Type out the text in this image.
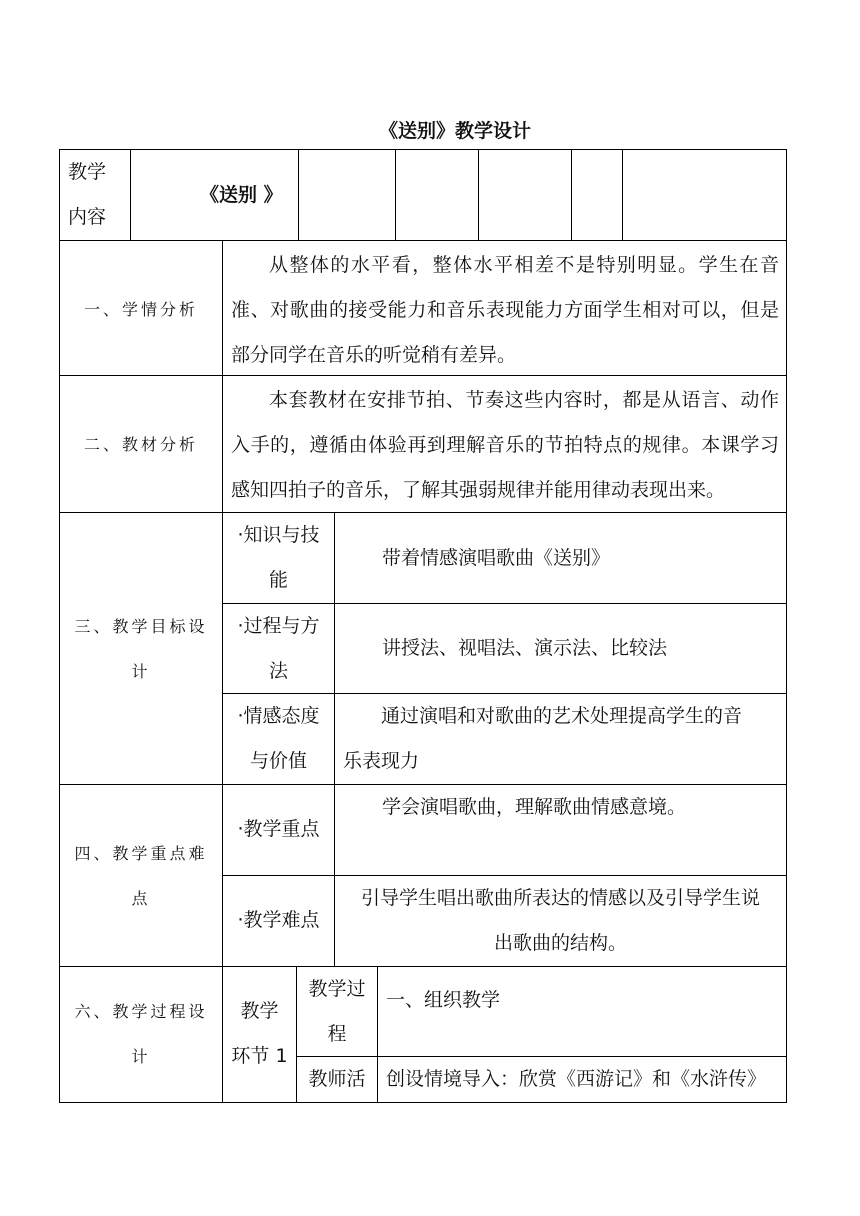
《送别》教学设计
教学
内容
《送别 》
一、学情分析
从整体的水平看，整体水平相差不是特别明显。学生在音准、对歌曲的接受能力和音乐表现能力方面学生相对可以，但是部分同学在音乐的听觉稍有差异。
二、教材分析
本套教材在安排节拍、节奏这些内容时，都是从语言、动作入手的，遵循由体验再到理解音乐的节拍特点的规律。本课学习感知四拍子的音乐，了解其强弱规律并能用律动表现出来。
三、教学目标设
计
·知识与技
能
带着情感演唱歌曲《送别》
·过程与方
法
讲授法、视唱法、演示法、比较法
·情感态度
与价值
通过演唱和对歌曲的艺术处理提高学生的音
乐表现力
四、教学重点难
点
·教学重点
学会演唱歌曲，理解歌曲情感意境。
·教学难点
引导学生唱出歌曲所表达的情感以及引导学生说
出歌曲的结构。
六、教学过程设
计
教学
环节 1
教学过
程
一、组织教学
教师活	创设情境导入：欣赏《西游记》和《水浒传》
